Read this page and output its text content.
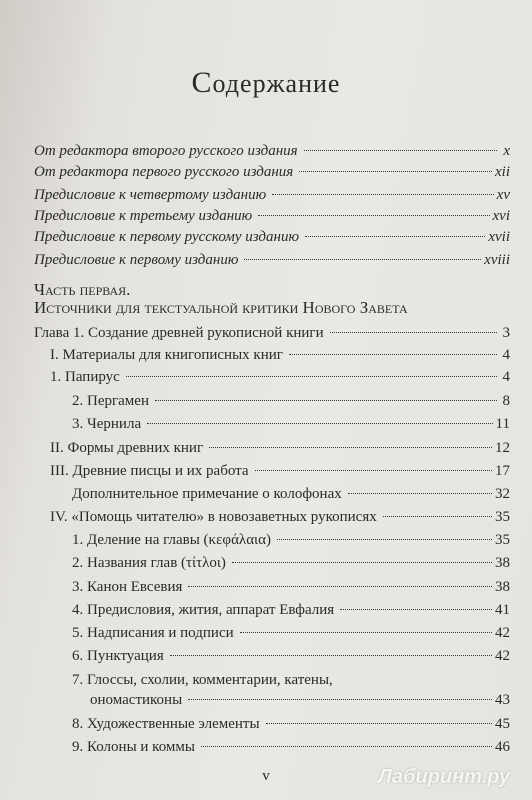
Содержание
От редактора второго русского издания	x
От редактора первого русского издания	xii
Предисловие к четвертому изданию	xv
Предисловие к третьему изданию	xvi
Предисловие к первому русскому изданию	xvii
Предисловие к первому изданию	xviii
Часть первая.
Источники для текстуальной критики Нового Завета
Глава 1. Создание древней рукописной книги	3
I. Материалы для книгописных книг	4
1. Папирус	4
2. Пергамен	8
3. Чернила	11
II. Формы древних книг	12
III. Древние писцы и их работа	17
Дополнительное примечание о колофонах	32
IV. «Помощь читателю» в новозаветных рукописях	35
1. Деление на главы (κεφάλαια)	35
2. Названия глав (τίτλοι)	38
3. Канон Евсевия	38
4. Предисловия, жития, аппарат Евфалия	41
5. Надписания и подписи	42
6. Пунктуация	42
7. Глоссы, схолии, комментарии, катены,
ономастиконы	43
8. Художественные элементы	45
9. Колоны и коммы	46
v	Лабиринт.ру
